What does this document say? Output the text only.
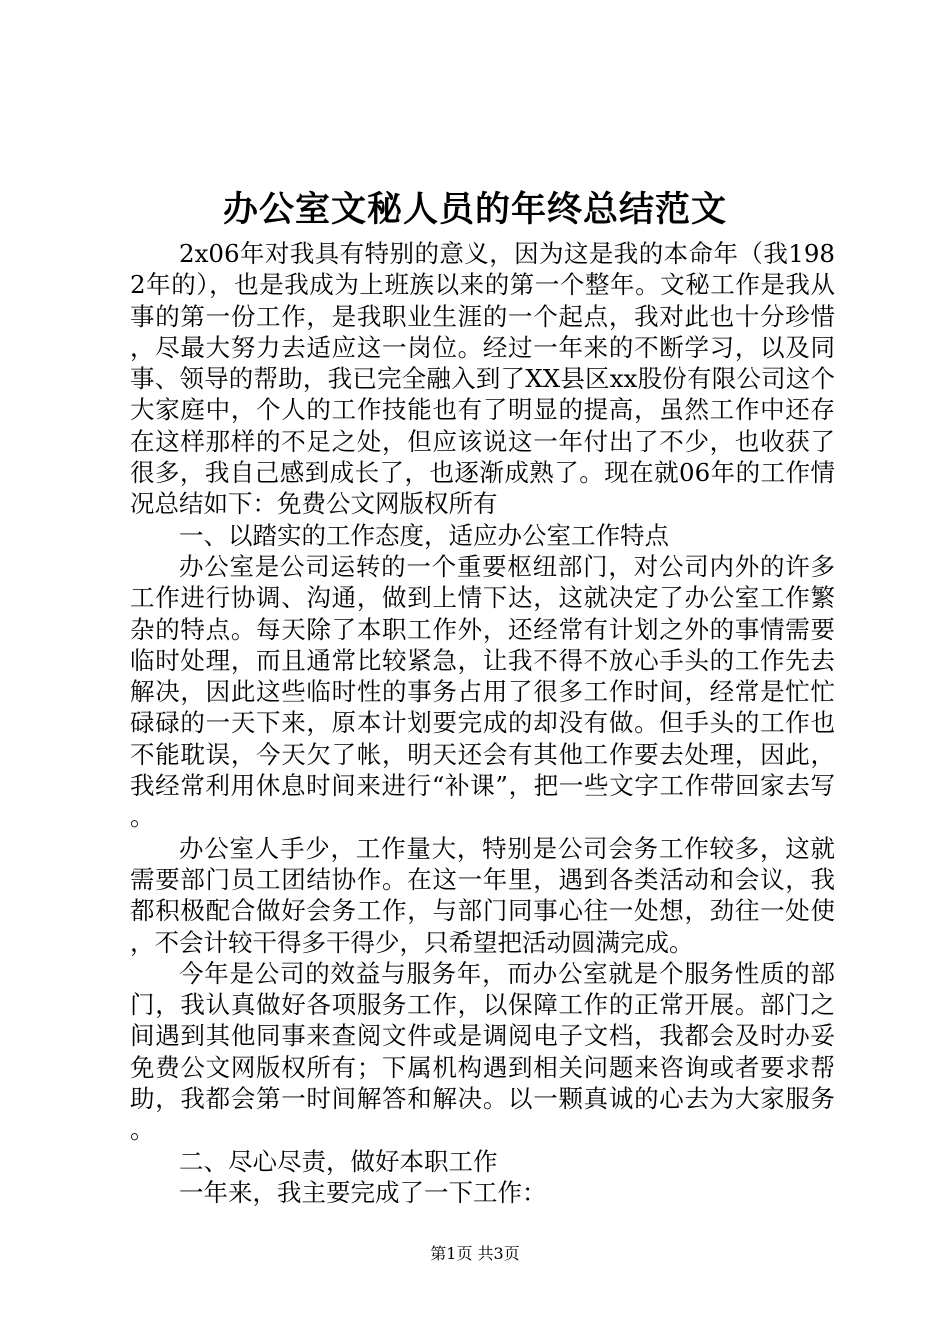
办公室文秘人员的年终总结范文

2x06年对我具有特别的意义，因为这是我的本命年（我1982年的），也是我成为上班族以来的第一个整年。文秘工作是我从事的第一份工作，是我职业生涯的一个起点，我对此也十分珍惜，尽最大努力去适应这一岗位。经过一年来的不断学习，以及同事、领导的帮助，我已完全融入到了XX县区xx股份有限公司这个大家庭中，个人的工作技能也有了明显的提高，虽然工作中还存在这样那样的不足之处，但应该说这一年付出了不少，也收获了很多，我自己感到成长了，也逐渐成熟了。现在就06年的工作情况总结如下：免费公文网版权所有

一、以踏实的工作态度，适应办公室工作特点

办公室是公司运转的一个重要枢纽部门，对公司内外的许多工作进行协调、沟通，做到上情下达，这就决定了办公室工作繁杂的特点。每天除了本职工作外，还经常有计划之外的事情需要临时处理，而且通常比较紧急，让我不得不放心手头的工作先去解决，因此这些临时性的事务占用了很多工作时间，经常是忙忙碌碌的一天下来，原本计划要完成的却没有做。但手头的工作也不能耽误，今天欠了帐，明天还会有其他工作要去处理，因此，我经常利用休息时间来进行“补课”，把一些文字工作带回家去写。

办公室人手少，工作量大，特别是公司会务工作较多，这就需要部门员工团结协作。在这一年里，遇到各类活动和会议，我都积极配合做好会务工作，与部门同事心往一处想，劲往一处使，不会计较干得多干得少，只希望把活动圆满完成。

今年是公司的效益与服务年，而办公室就是个服务性质的部门，我认真做好各项服务工作，以保障工作的正常开展。部门之间遇到其他同事来查阅文件或是调阅电子文档，我都会及时办妥免费公文网版权所有；下属机构遇到相关问题来咨询或者要求帮助，我都会第一时间解答和解决。以一颗真诚的心去为大家服务。

二、尽心尽责，做好本职工作

一年来，我主要完成了一下工作：

第1页 共3页
